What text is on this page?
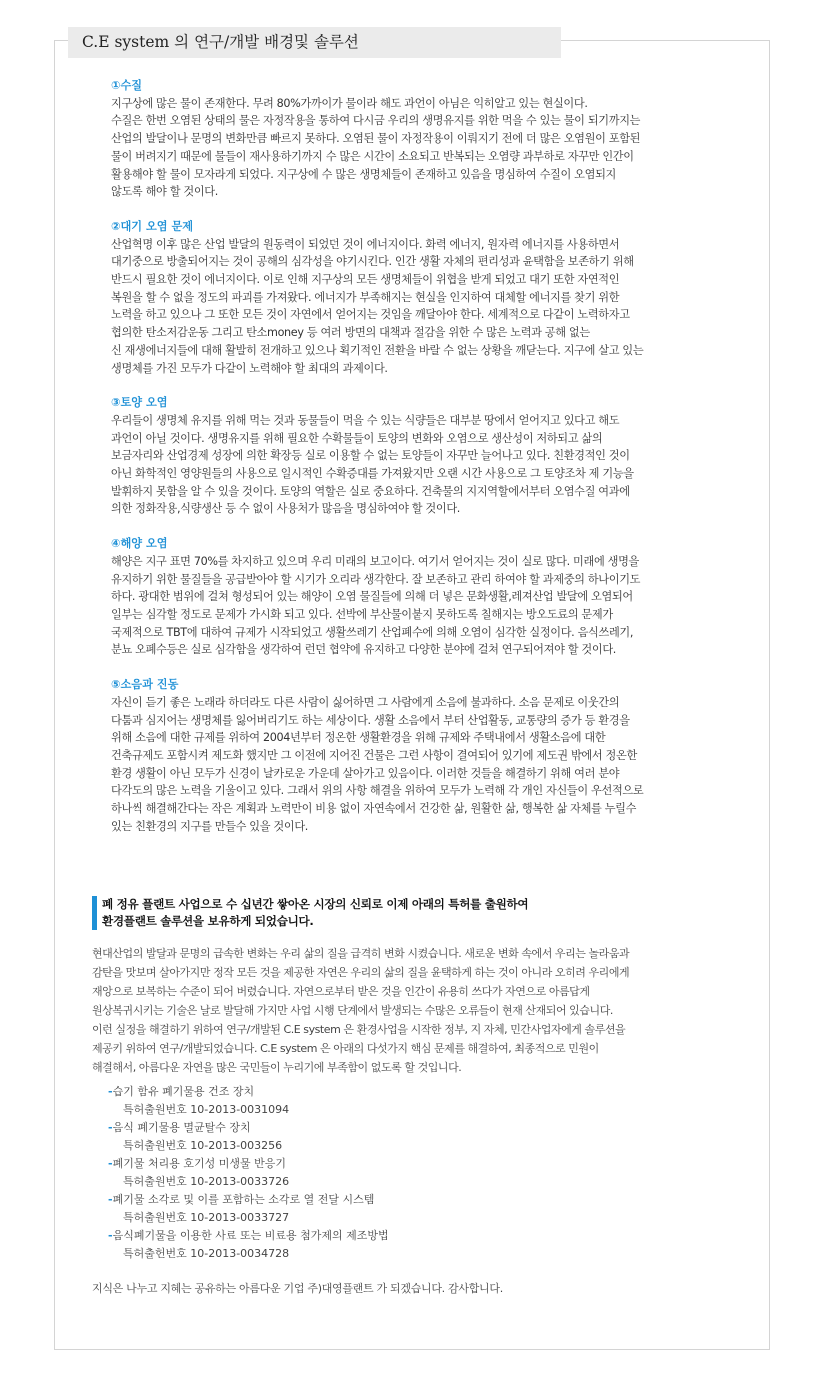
C.E system 의 연구/개발 배경및 솔루션
①수질
지구상에 많은 물이 존재한다. 무려 80%가까이가 물이라 해도 과언이 아님은 익히알고 있는 현실이다.
수질은 한번 오염된 상태의 물은 자정작용을 통하여 다시금 우리의 생명유지를 위한 먹을 수 있는 물이 되기까지는
산업의 발달이나 문명의 변화만큼 빠르지 못하다. 오염된 물이 자정작용이 이뤄지기 전에 더 많은 오염원이 포함된
물이 버려지기 때문에 물들이 재사용하기까지 수 많은 시간이 소요되고 반복되는 오염량 과부하로 자꾸만 인간이
활용해야 할 물이 모자라게 되었다. 지구상에 수 많은 생명체들이 존재하고 있음을 명심하여 수질이 오염되지
않도록 해야 할 것이다.
②대기 오염 문제
산업혁명 이후 많은 산업 발달의 원동력이 되었던 것이 에너지이다. 화력 에너지, 원자력 에너지를 사용하면서
대기중으로 방출되어지는 것이 공해의 심각성을 야기시킨다. 인간 생활 자체의 편리성과 윤택함을 보존하기 위해
반드시 필요한 것이 에너지이다. 이로 인해 지구상의 모든 생명체들이 위협을 받게 되었고 대기 또한 자연적인
복원을 할 수 없을 정도의 파괴를 가져왔다. 에너지가 부족해지는 현실을 인지하여 대체할 에너지를 찾기 위한
노력을 하고 있으나 그 또한 모든 것이 자연에서 얻어지는 것임을 깨달아야 한다. 세계적으로 다같이 노력하자고
협의한 탄소저감운동 그리고 탄소money 등 여러 방면의 대책과 절감을 위한 수 많은 노력과 공해 없는
신 재생에너지들에 대해 활발히 전개하고 있으나 획기적인 전환을 바랄 수 없는 상황을 깨닫는다. 지구에 살고 있는
생명체를 가진 모두가 다같이 노력해야 할 최대의 과제이다.
③토양 오염
우리들이 생명체 유지를 위해 먹는 것과 동물들이 먹을 수 있는 식량들은 대부분 땅에서 얻어지고 있다고 해도
과언이 아닐 것이다. 생명유지를 위해 필요한 수확물들이 토양의 변화와 오염으로 생산성이 저하되고 삶의
보금자리와 산업경제 성장에 의한 확장등 실로 이용할 수 없는 토양들이 자꾸만 늘어나고 있다. 친환경적인 것이
아닌 화학적인 영양원들의 사용으로 일시적인 수확증대를 가져왔지만 오랜 시간 사용으로 그 토양조차 제 기능을
발휘하지 못함을 알 수 있을 것이다. 토양의 역할은 실로 중요하다. 건축물의 지지역할에서부터 오염수질 여과에
의한 정화작용,식량생산 등 수 없이 사용처가 많음을 명심하여야 할 것이다.
④해양 오염
해양은 지구 표면 70%를 차지하고 있으며 우리 미래의 보고이다. 여기서 얻어지는 것이 실로 많다. 미래에 생명을
유지하기 위한 물질들을 공급받아야 할 시기가 오리라 생각한다. 잘 보존하고 관리 하여야 할 과제중의 하나이기도
하다. 광대한 범위에 걸쳐 형성되어 있는 해양이 오염 물질들에 의해 더 넣은 문화생활,레져산업 발달에 오염되어
일부는 심각할 정도로 문제가 가시화 되고 있다. 선박에 부산물이붙지 못하도록 칠해지는 방오도료의 문제가
국제적으로 TBT에 대하여 규제가 시작되었고 생활쓰레기 산업폐수에 의해 오염이 심각한 실정이다. 음식쓰레기,
분뇨 오폐수등은 실로 심각함을 생각하여 런던 협약에 유지하고 다양한 분야에 걸쳐 연구되어져야 할 것이다.
⑤소음과 진동
자신이 듣기 좋은 노래라 하더라도 다른 사람이 싫어하면 그 사람에게 소음에 불과하다. 소음 문제로 이웃간의
다툼과 심지어는 생명체를 잃어버리기도 하는 세상이다. 생활 소음에서 부터 산업활동, 교통량의 증가 등 환경을
위해 소음에 대한 규제를 위하여 2004년부터 정온한 생활환경을 위해 규제와 주택내에서 생활소음에 대한
건축규제도 포함시켜 제도화 했지만 그 이전에 지어진 건물은 그런 사항이 결여되어 있기에 제도권 밖에서 정온한
환경 생활이 아닌 모두가 신경이 날카로운 가운데 살아가고 있음이다. 이러한 것들을 해결하기 위해 여러 분야
다각도의 많은 노력을 기울이고 있다. 그래서 위의 사항 해결을 위하여 모두가 노력해 각 개인 자신들이 우선적으로
하나씩 해결해간다는 작은 계획과 노력만이 비용 없이 자연속에서 건강한 삶, 원활한 삶, 행복한 삶 자체를 누릴수
있는 친환경의 지구를 만들수 있을 것이다.
폐 정유 플랜트 사업으로 수 십년간 쌓아온 시장의 신뢰로 이제 아래의 특허를 출원하여
환경플랜트 솔루션을 보유하게 되었습니다.
현대산업의 발달과 문명의 급속한 변화는 우리 삶의 질을 급격히 변화 시켰습니다. 새로운 변화 속에서 우리는 놀라움과
감탄을 맛보며 살아가지만 정작 모든 것을 제공한 자연은 우리의 삶의 질을 윤택하게 하는 것이 아니라 오히려 우리에게
재앙으로 보복하는 수준이 되어 버렸습니다. 자연으로부터 받은 것을 인간이 유용히 쓰다가 자연으로 아름답게
원상복귀시키는 기술은 날로 발달해 가지만 사업 시행 단계에서 발생되는 수많은 오류들이 현재 산재되어 있습니다.
이런 실정을 해결하기 위하여 연구/개발된 C.E system 은 환경사업을 시작한 정부, 지 자체, 민간사업자에게 솔루션을
제공키 위하여 연구/개발되었습니다. C.E system 은 아래의 다섯가지 핵심 문제를 해결하여, 최종적으로 민원이
해결해서, 아름다운 자연을 많은 국민들이 누리기에 부족함이 없도록 할 것입니다.
-습기 함유 폐기물용 건조 장치
특허출원번호 10-2013-0031094
-음식 폐기물용 멸균탈수 장치
특허출원번호 10-2013-003256
-폐기물 처리용 호기성 미생물 반응기
특허출원번호 10-2013-0033726
-폐기물 소각로 및 이를 포함하는 소각로 열 전달 시스템
특허출원번호 10-2013-0033727
-음식폐기물을 이용한 사료 또는 비료용 첨가제의 제조방법
특허출헌번호 10-2013-0034728
지식은 나누고 지혜는 공유하는 아름다운 기업 주)대영플랜트 가 되겠습니다. 감사합니다.
